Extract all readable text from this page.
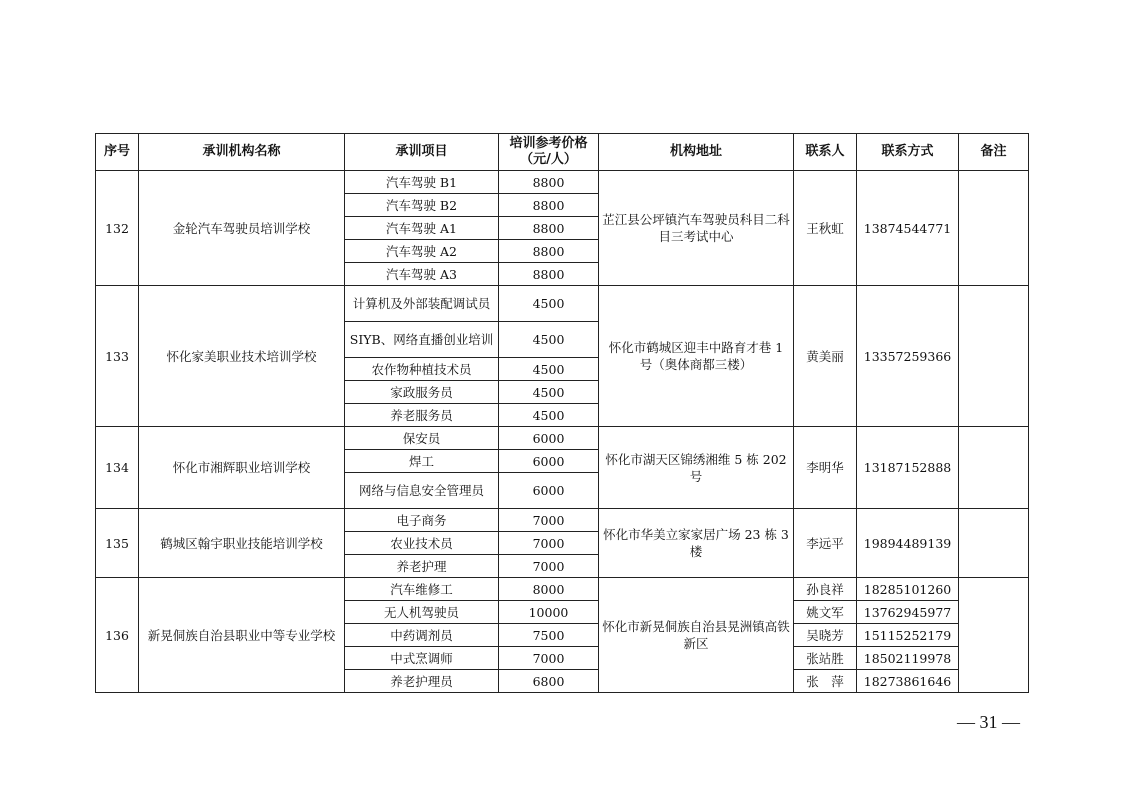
序号	承训机构名称	承训项目	培训参考价格（元/人）	机构地址	联系人	联系方式	备注
132	金轮汽车驾驶员培训学校	汽车驾驶 B1	8800	芷江县公坪镇汽车驾驶员科目二科目三考试中心	王秋虹	13874544771	
		汽车驾驶 B2	8800				
		汽车驾驶 A1	8800				
		汽车驾驶 A2	8800				
		汽车驾驶 A3	8800				
133	怀化家美职业技术培训学校	计算机及外部装配调试员	4500	怀化市鹤城区迎丰中路育才巷 1 号（奥体商都三楼）	黄美丽	13357259366	
		SIYB、网络直播创业培训	4500				
		农作物种植技术员	4500				
		家政服务员	4500				
		养老服务员	4500				
134	怀化市湘辉职业培训学校	保安员	6000	怀化市湖天区锦绣湘维 5 栋 202 号	李明华	13187152888	
		焊工	6000				
		网络与信息安全管理员	6000				
135	鹤城区翰宇职业技能培训学校	电子商务	7000	怀化市华美立家家居广场 23 栋 3 楼	李远平	19894489139	
		农业技术员	7000				
		养老护理	7000				
136	新晃侗族自治县职业中等专业学校	汽车维修工	8000	怀化市新晃侗族自治县晃洲镇高铁新区	孙良祥	18285101260	
		无人机驾驶员	10000		姚文军	13762945977	
		中药调剂员	7500		吴晓芳	15115252179	
		中式烹调师	7000		张站胜	18502119978	
		养老护理员	6800		张　萍	18273861646	
— 31 —
